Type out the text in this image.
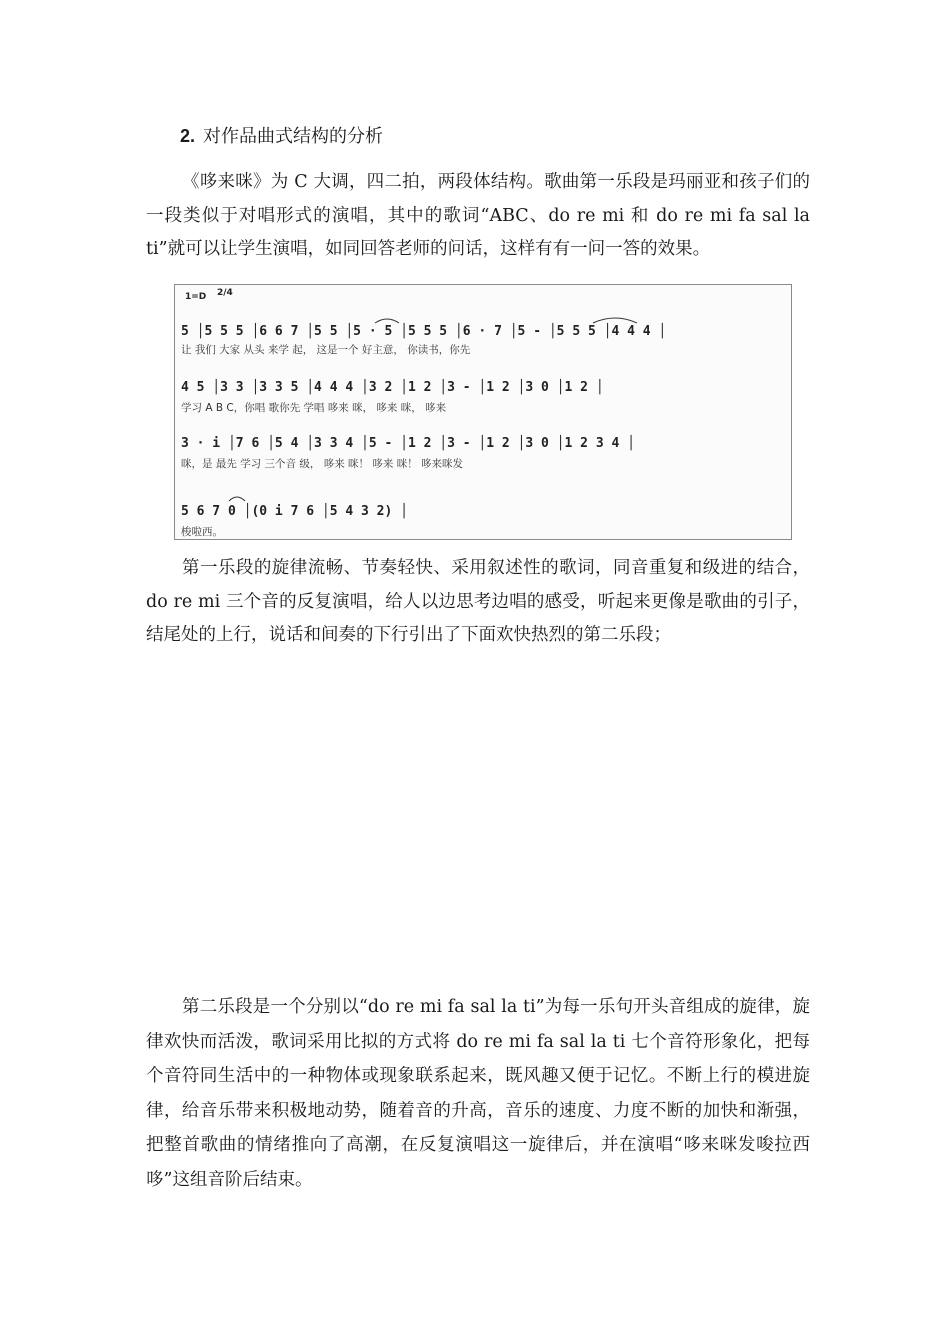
2. 对作品曲式结构的分析
《哆来咪》为 C 大调，四二拍，两段体结构。歌曲第一乐段是玛丽亚和孩子们的一段类似于对唱形式的演唱，其中的歌词“ABC、do re mi 和 do re mi fa sal la ti”就可以让学生演唱，如同回答老师的问话，这样有有一问一答的效果。
1=D 2/4
5 │5 5 5 │6 6 7 │5 5 │5 · 5 │5 5 5 │6 · 7 │5 - │5 5 5 │4 4 4 │
让 我们 大家 从头 来学 起， 这是一个 好主意， 你读书，你先
4 5 │3 3 │3 3 5 │4 4 4 │3 2 │1 2 │3 - │1 2 │3 0 │1 2 │
学习 A B C，你唱 歌你先 学唱 哆来 咪， 哆来 咪， 哆来
3 · i │7 6 │5 4 │3 3 4 │5 - │1 2 │3 - │1 2 │3 0 │1 2 3 4 │
咪，是 最先 学习 三个音 级， 哆来 咪！ 哆来 咪！ 哆来咪发
5 6 7 0 │(0 i 7 6 │5 4 3 2) │
梭啦西。
第一乐段的旋律流畅、节奏轻快、采用叙述性的歌词，同音重复和级进的结合，do re mi 三个音的反复演唱，给人以边思考边唱的感受，听起来更像是歌曲的引子，结尾处的上行，说话和间奏的下行引出了下面欢快热烈的第二乐段；
第二乐段是一个分别以“do re mi fa sal la ti”为每一乐句开头音组成的旋律，旋律欢快而活泼，歌词采用比拟的方式将 do re mi fa sal la ti 七个音符形象化，把每个音符同生活中的一种物体或现象联系起来，既风趣又便于记忆。不断上行的模进旋律，给音乐带来积极地动势，随着音的升高，音乐的速度、力度不断的加快和渐强，把整首歌曲的情绪推向了高潮，在反复演唱这一旋律后，并在演唱“哆来咪发唆拉西哆”这组音阶后结束。
